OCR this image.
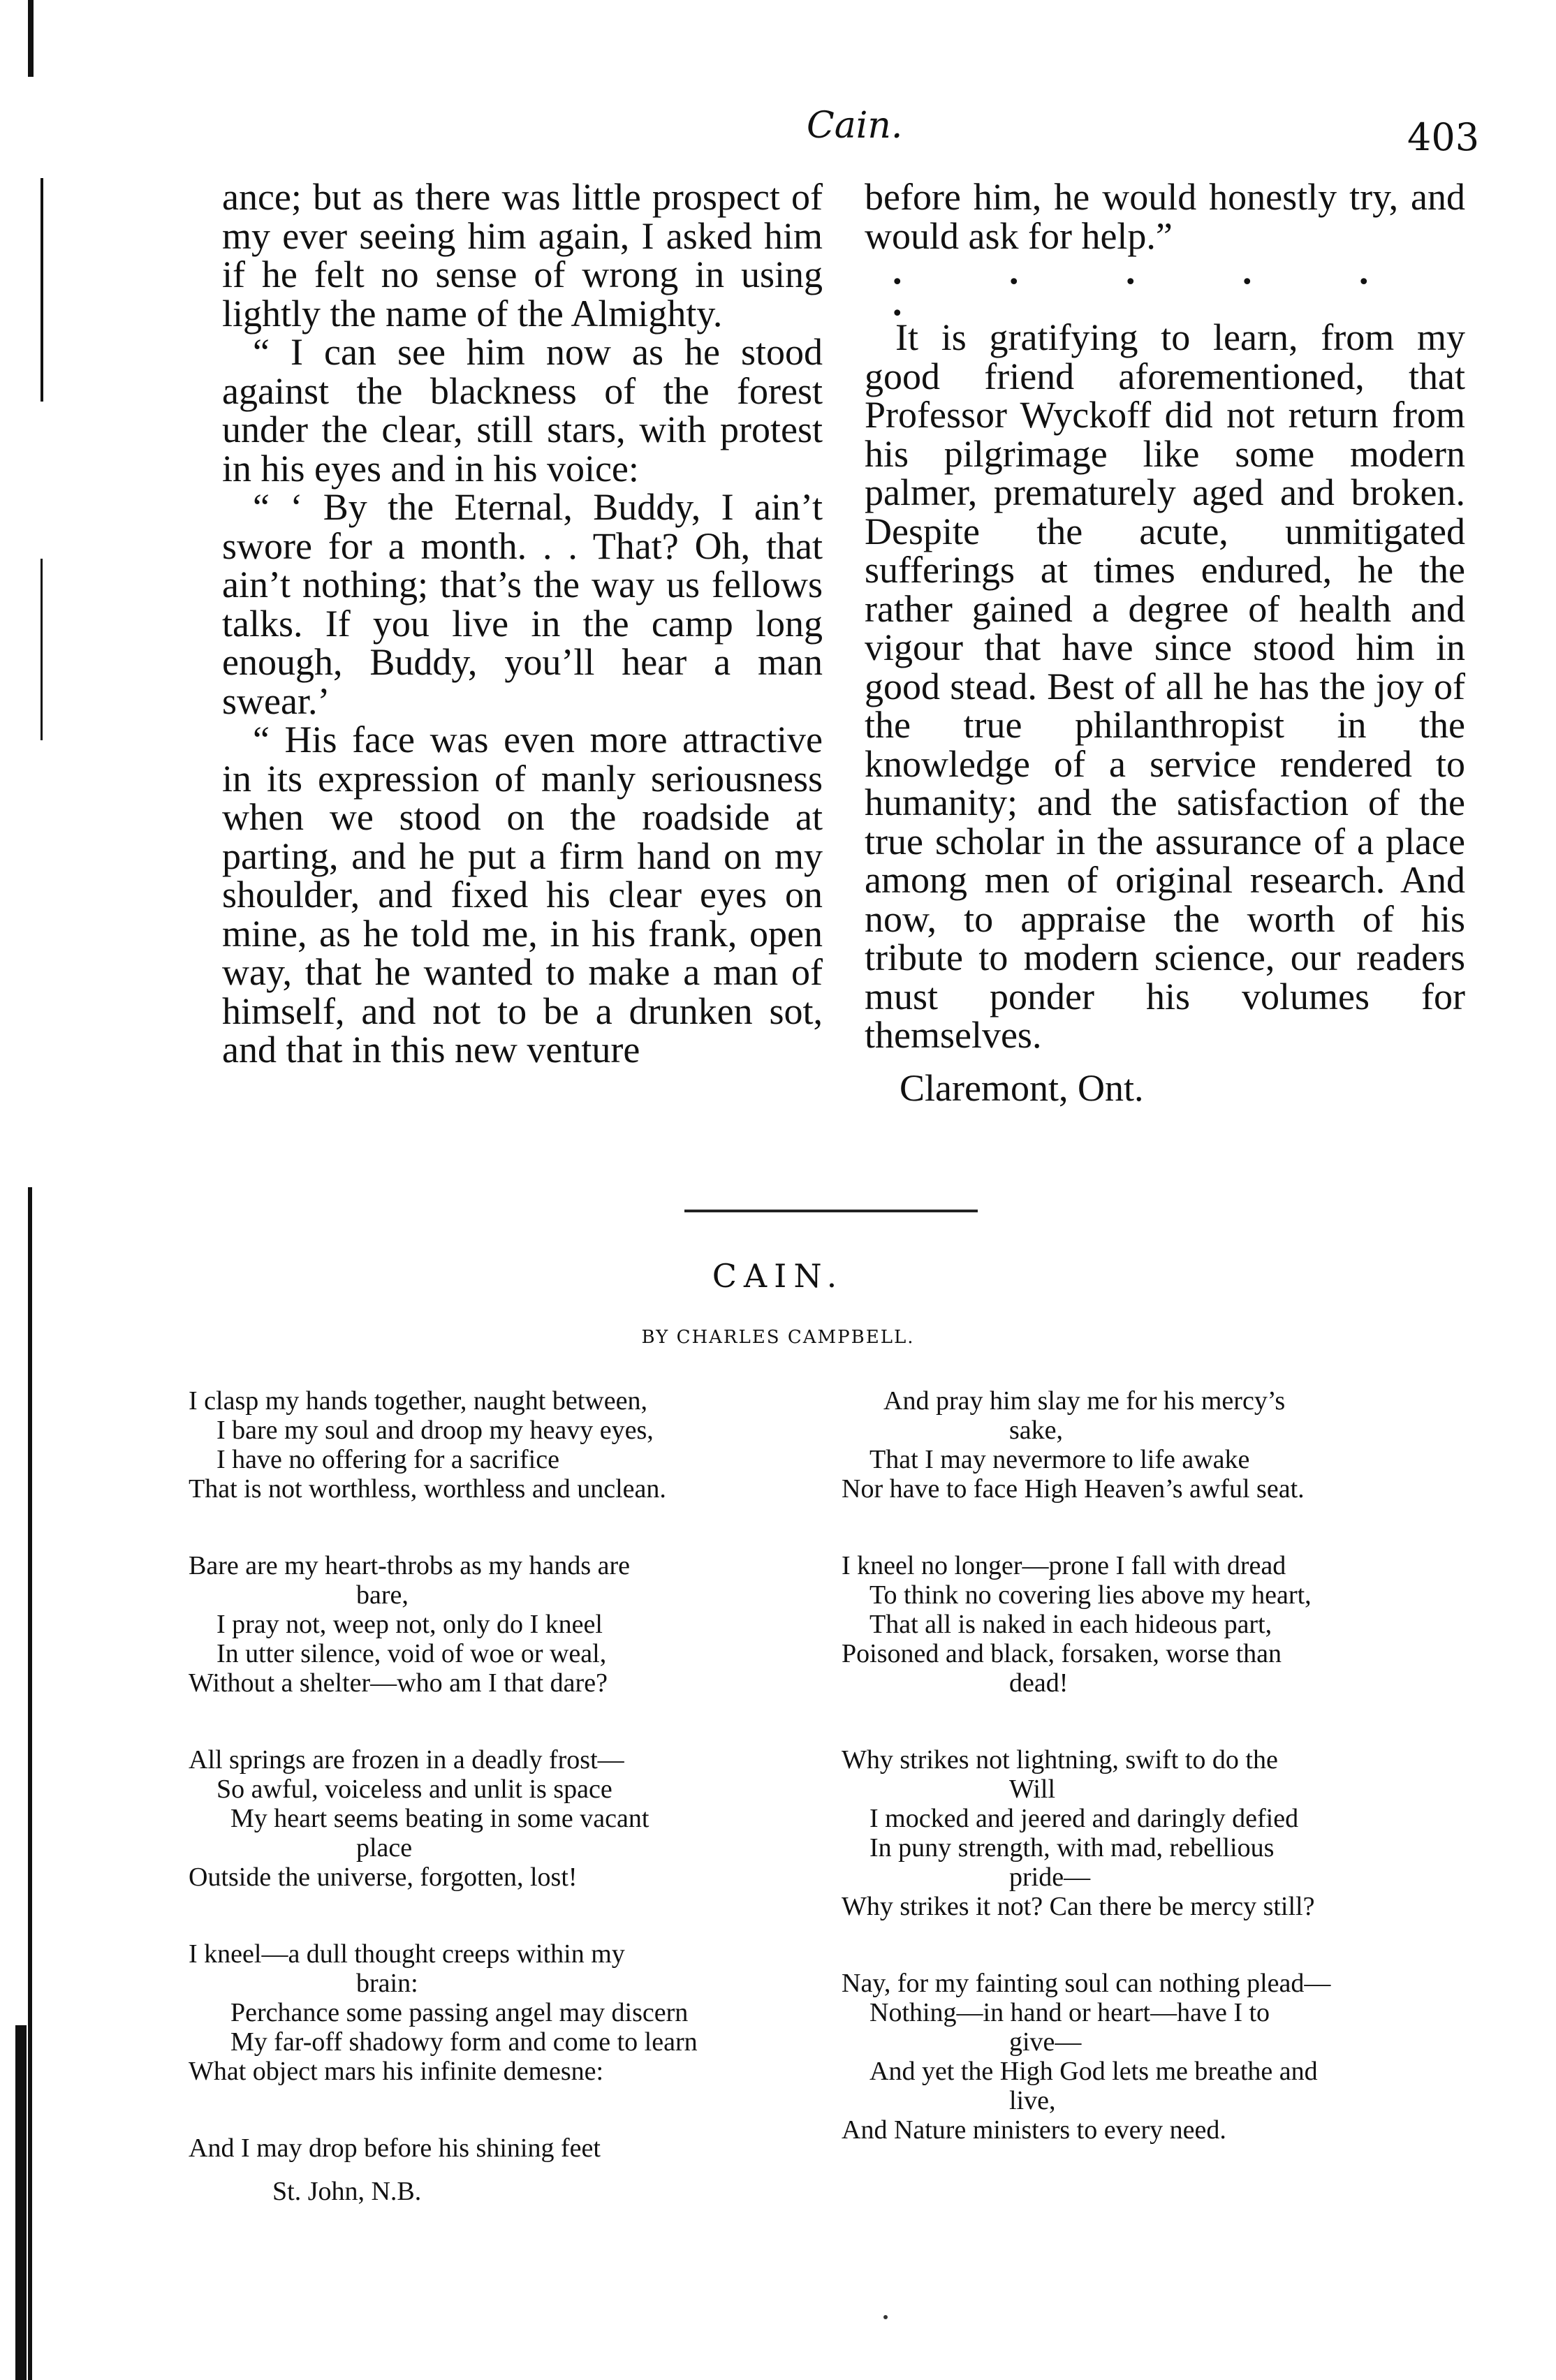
Cain.	403

ance; but as there was little prospect of my ever seeing him again, I asked him if he felt no sense of wrong in using lightly the name of the Almighty.

“ I can see him now as he stood against the blackness of the forest under the clear, still stars, with protest in his eyes and in his voice:

“ ‘ By the Eternal, Buddy, I ain’t swore for a month. . . That? Oh, that ain’t nothing; that’s the way us fellows talks. If you live in the camp long enough, Buddy, you’ll hear a man swear.’

“ His face was even more attractive in its expression of manly seriousness when we stood on the roadside at parting, and he put a firm hand on my shoulder, and fixed his clear eyes on mine, as he told me, in his frank, open way, that he wanted to make a man of himself, and not to be a drunken sot, and that in this new venture

before him, he would honestly try, and would ask for help.”

. . . . . .

It is gratifying to learn, from my good friend aforementioned, that Professor Wyckoff did not return from his pilgrimage like some modern palmer, prematurely aged and broken. Despite the acute, unmitigated sufferings at times endured, he the rather gained a degree of health and vigour that have since stood him in good stead. Best of all he has the joy of the true philanthropist in the knowledge of a service rendered to humanity; and the satisfaction of the true scholar in the assurance of a place among men of original research. And now, to appraise the worth of his tribute to modern science, our readers must ponder his volumes for themselves.

Claremont, Ont.
CAIN.
BY CHARLES CAMPBELL.
I clasp my hands together, naught between,
I bare my soul and droop my heavy eyes,
I have no offering for a sacrifice
That is not worthless, worthless and unclean.
Bare are my heart-throbs as my hands are
bare,
I pray not, weep not, only do I kneel
In utter silence, void of woe or weal,
Without a shelter—who am I that dare?
All springs are frozen in a deadly frost—
So awful, voiceless and unlit is space
My heart seems beating in some vacant
place
Outside the universe, forgotten, lost!
I kneel—a dull thought creeps within my
brain:
Perchance some passing angel may discern
My far-off shadowy form and come to learn
What object mars his infinite demesne:
And I may drop before his shining feet
St. John, N.B.
And pray him slay me for his mercy’s
sake,
That I may nevermore to life awake
Nor have to face High Heaven’s awful seat.
I kneel no longer—prone I fall with dread
To think no covering lies above my heart,
That all is naked in each hideous part,
Poisoned and black, forsaken, worse than
dead!
Why strikes not lightning, swift to do the
Will
I mocked and jeered and daringly defied
In puny strength, with mad, rebellious
pride—
Why strikes it not? Can there be mercy still?
Nay, for my fainting soul can nothing plead—
Nothing—in hand or heart—have I to
give—
And yet the High God lets me breathe and
live,
And Nature ministers to every need.
